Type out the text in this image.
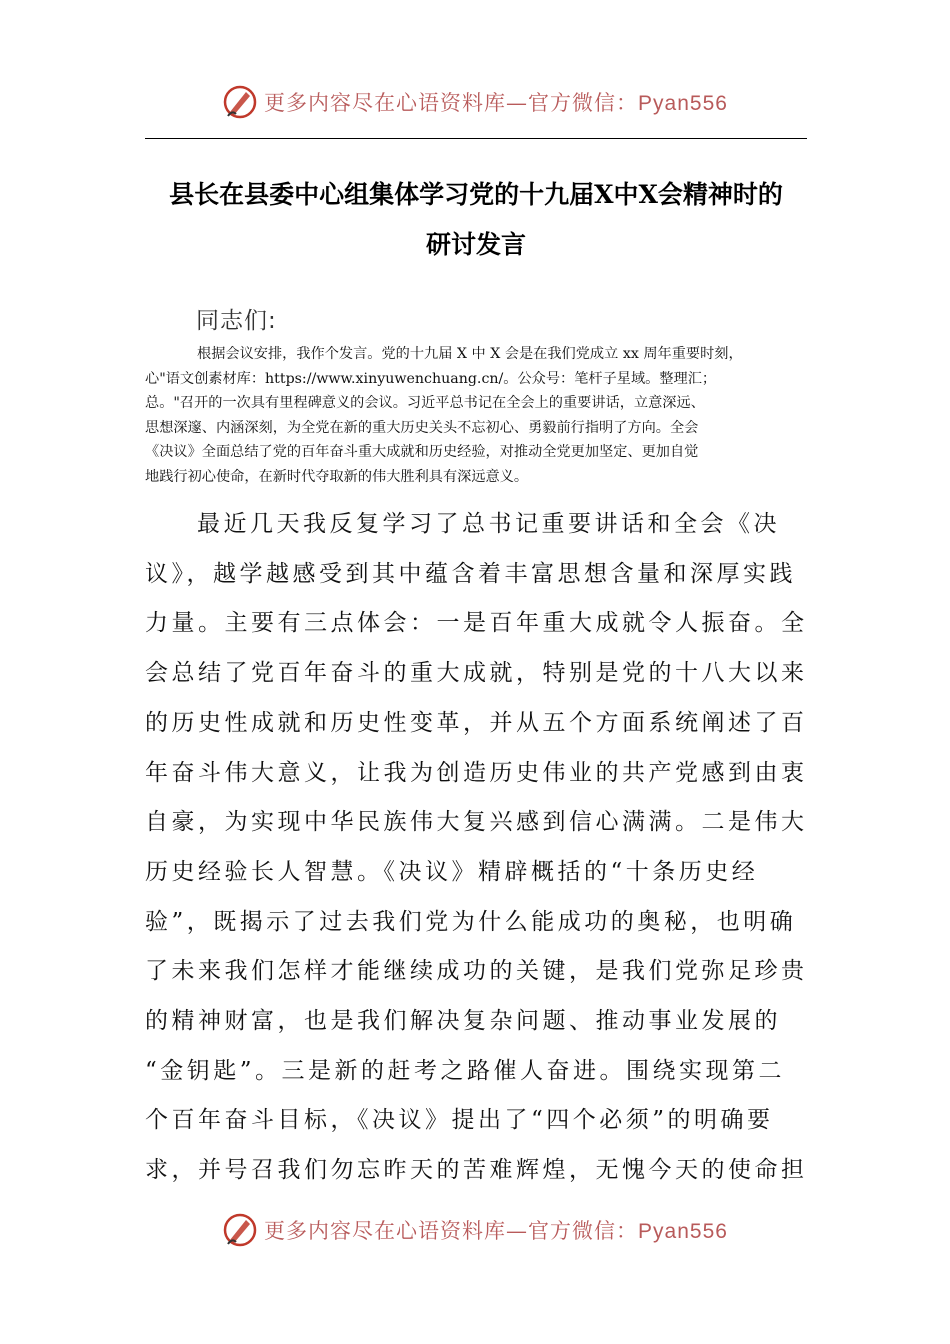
更多内容尽在心语资料库—官方微信：Pyan556
县长在县委中心组集体学习党的十九届X中X会精神时的
研讨发言
同志们:

根据会议安排，我作个发言。党的十九届 X 中 X 会是在我们党成立 xx 周年重要时刻，
心"语文创素材库：https://www.xinyuwenchuang.cn/。公众号：笔杆子星域。整理汇；
总。"召开的一次具有里程碑意义的会议。习近平总书记在全会上的重要讲话，立意深远、
思想深邃、内涵深刻，为全党在新的重大历史关头不忘初心、勇毅前行指明了方向。全会
《决议》全面总结了党的百年奋斗重大成就和历史经验，对推动全党更加坚定、更加自觉
地践行初心使命，在新时代夺取新的伟大胜利具有深远意义。

最近几天我反复学习了总书记重要讲话和全会《决
议》，越学越感受到其中蕴含着丰富思想含量和深厚实践
力量。主要有三点体会：一是百年重大成就令人振奋。全
会总结了党百年奋斗的重大成就，特别是党的十八大以来
的历史性成就和历史性变革，并从五个方面系统阐述了百
年奋斗伟大意义，让我为创造历史伟业的共产党感到由衷
自豪，为实现中华民族伟大复兴感到信心满满。二是伟大
历史经验长人智慧。《决议》精辟概括的“十条历史经
验”，既揭示了过去我们党为什么能成功的奥秘，也明确
了未来我们怎样才能继续成功的关键，是我们党弥足珍贵
的精神财富，也是我们解决复杂问题、推动事业发展的
“金钥匙”。三是新的赶考之路催人奋进。围绕实现第二
个百年奋斗目标，《决议》提出了“四个必须”的明确要
求，并号召我们勿忘昨天的苦难辉煌，无愧今天的使命担

更多内容尽在心语资料库—官方微信：Pyan556
